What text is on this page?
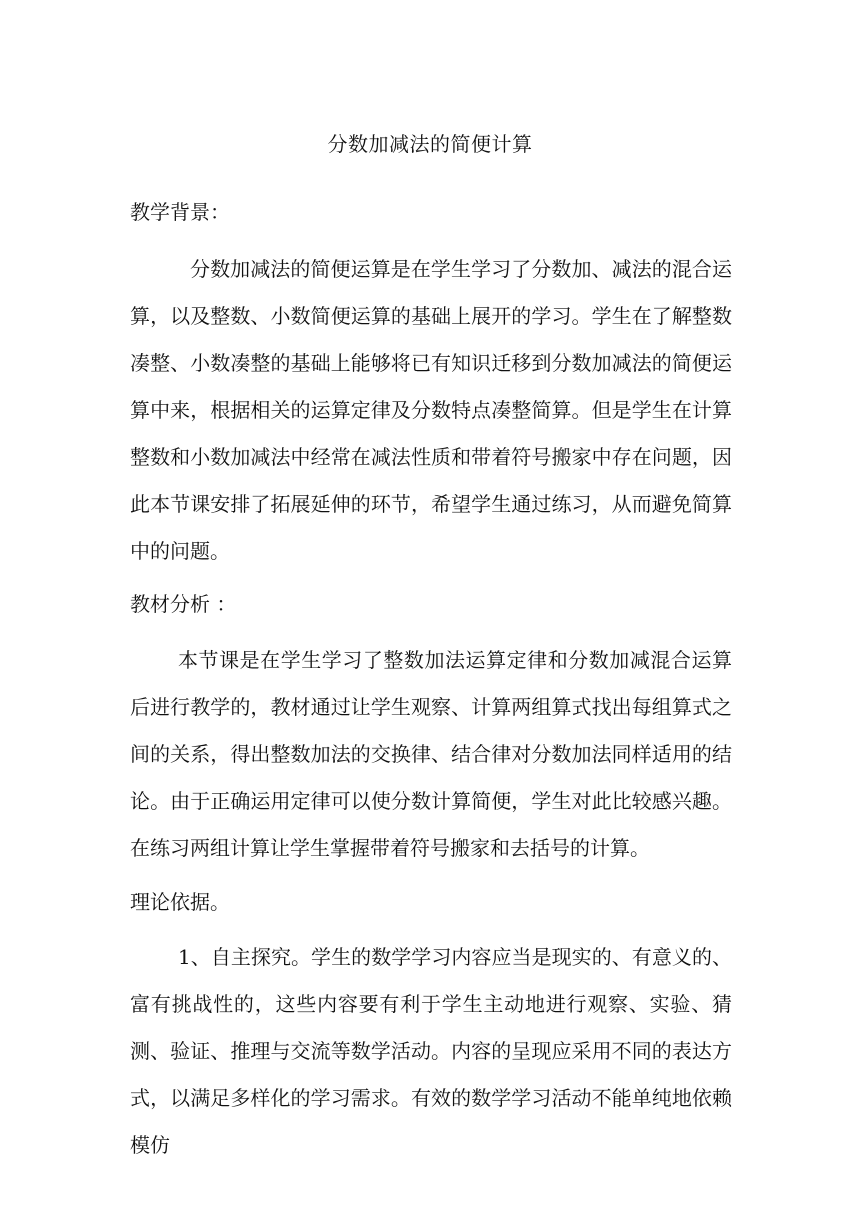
分数加减法的简便计算
教学背景：

分数加减法的简便运算是在学生学习了分数加、减法的混合运算，以及整数、小数简便运算的基础上展开的学习。学生在了解整数凑整、小数凑整的基础上能够将已有知识迁移到分数加减法的简便运算中来，根据相关的运算定律及分数特点凑整简算。但是学生在计算整数和小数加减法中经常在减法性质和带着符号搬家中存在问题，因此本节课安排了拓展延伸的环节，希望学生通过练习，从而避免简算中的问题。

教材分析 ：

本节课是在学生学习了整数加法运算定律和分数加减混合运算后进行教学的，教材通过让学生观察、计算两组算式找出每组算式之间的关系，得出整数加法的交换律、结合律对分数加法同样适用的结论。由于正确运用定律可以使分数计算简便，学生对此比较感兴趣。在练习两组计算让学生掌握带着符号搬家和去括号的计算。

理论依据。

1、自主探究。学生的数学学习内容应当是现实的、有意义的、富有挑战性的，这些内容要有利于学生主动地进行观察、实验、猜测、验证、推理与交流等数学活动。内容的呈现应采用不同的表达方式，以满足多样化的学习需求。有效的数学学习活动不能单纯地依赖模仿
